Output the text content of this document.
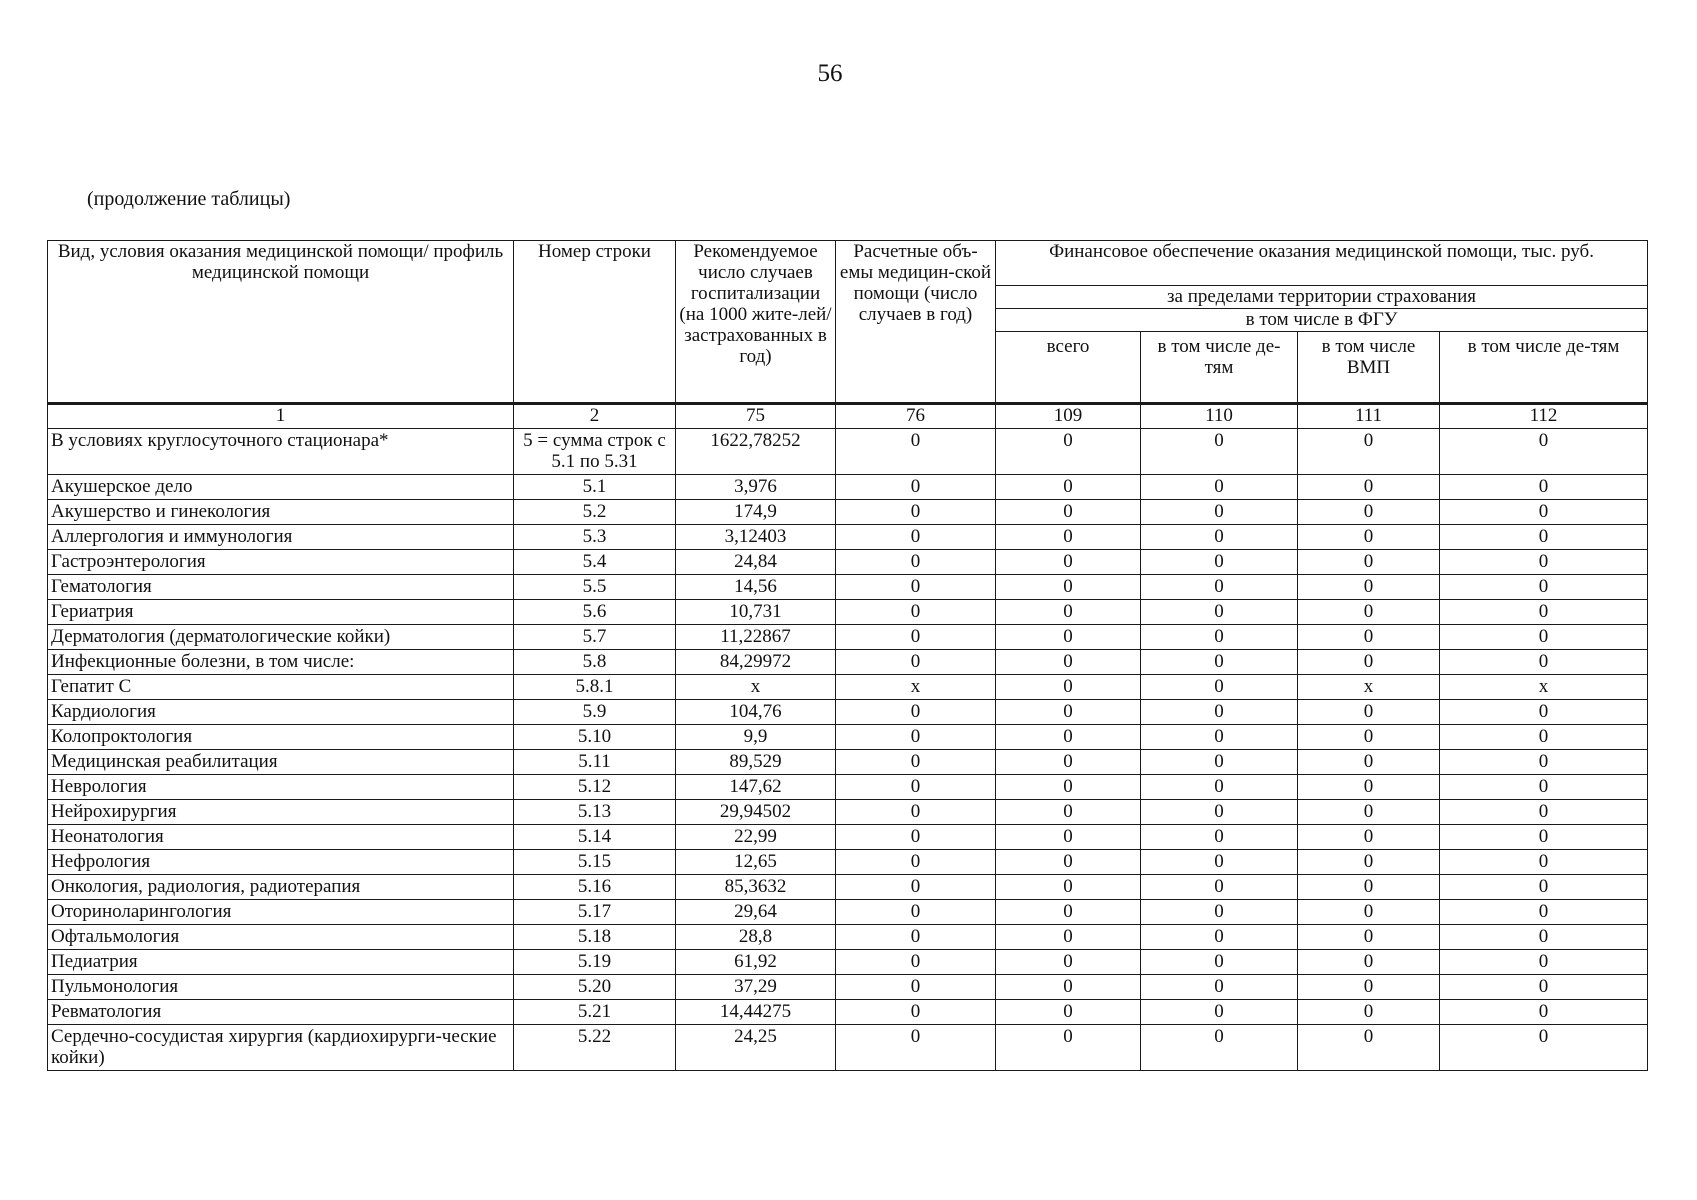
56
(продолжение таблицы)
Вид, условия оказания медицинской помощи/ профиль медицинской помощи	Номер строки	Рекомендуемое число случаев госпитализации (на 1000 жите-лей/ застрахованных в год)	Расчетные объ-емы медицин-ской помощи (число случаев в год)	Финансовое обеспечение оказания медицинской помощи, тыс. руб.			
				за пределами территории страхования			
				в том числе в ФГУ			
				всего	в том числе де-тям	в том числе ВМП	в том числе де-тям
1	2	75	76	109	110	111	112
В условиях круглосуточного стационара*	5 = сумма строк с 5.1 по 5.31	1622,78252	0	0	0	0	0
Акушерское дело	5.1	3,976	0	0	0	0	0
Акушерство и гинекология	5.2	174,9	0	0	0	0	0
Аллергология и иммунология	5.3	3,12403	0	0	0	0	0
Гастроэнтерология	5.4	24,84	0	0	0	0	0
Гематология	5.5	14,56	0	0	0	0	0
Гериатрия	5.6	10,731	0	0	0	0	0
Дерматология (дерматологические койки)	5.7	11,22867	0	0	0	0	0
Инфекционные болезни, в том числе:	5.8	84,29972	0	0	0	0	0
Гепатит С	5.8.1	х	х	0	0	х	х
Кардиология	5.9	104,76	0	0	0	0	0
Колопроктология	5.10	9,9	0	0	0	0	0
Медицинская реабилитация	5.11	89,529	0	0	0	0	0
Неврология	5.12	147,62	0	0	0	0	0
Нейрохирургия	5.13	29,94502	0	0	0	0	0
Неонатология	5.14	22,99	0	0	0	0	0
Нефрология	5.15	12,65	0	0	0	0	0
Онкология, радиология, радиотерапия	5.16	85,3632	0	0	0	0	0
Оториноларингология	5.17	29,64	0	0	0	0	0
Офтальмология	5.18	28,8	0	0	0	0	0
Педиатрия	5.19	61,92	0	0	0	0	0
Пульмонология	5.20	37,29	0	0	0	0	0
Ревматология	5.21	14,44275	0	0	0	0	0
Сердечно-сосудистая хирургия (кардиохирурги-ческие койки)	5.22	24,25	0	0	0	0	0
